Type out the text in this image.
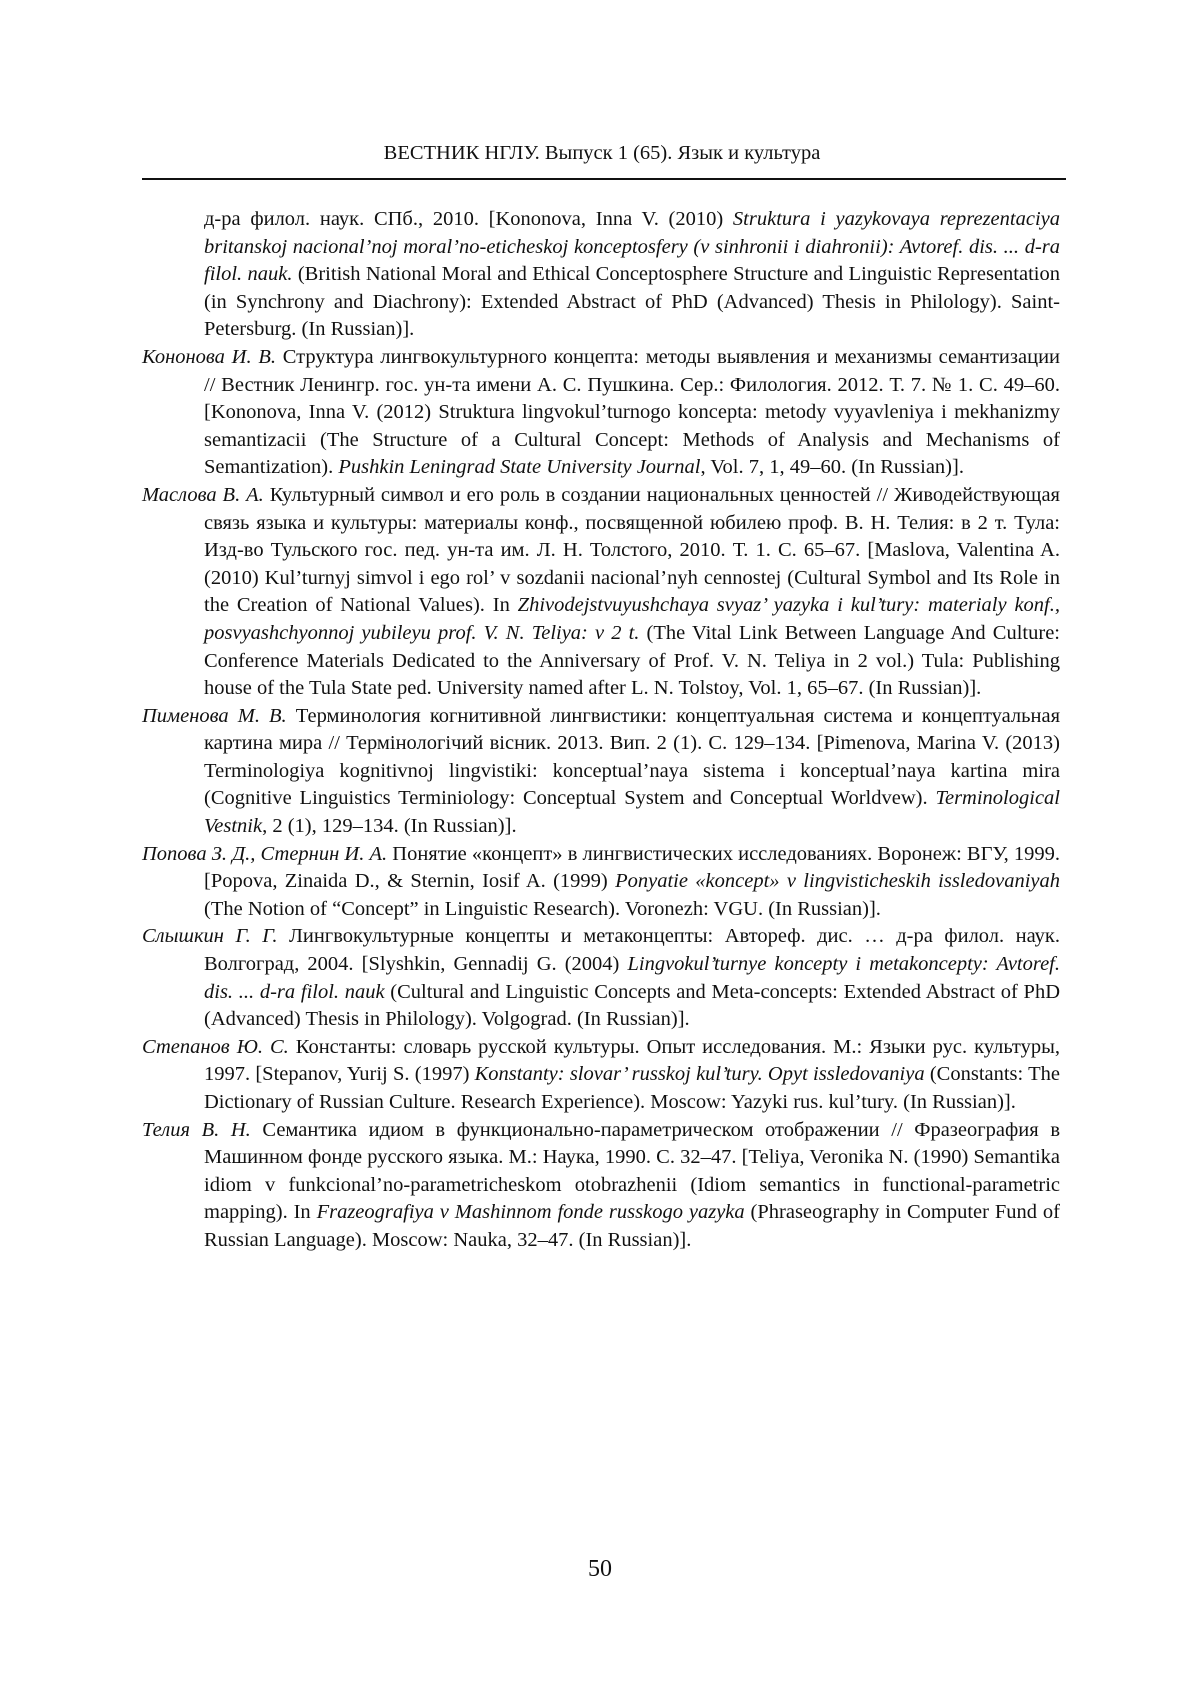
ВЕСТНИК НГЛУ. Выпуск 1 (65). Язык и культура

д-ра филол. наук. СПб., 2010. [Kononova, Inna V. (2010) Struktura i yazykovaya reprezentaciya britanskoj nacional’noj moral’no-eticheskoj konceptosfery (v sinhronii i diahronii): Avtoref. dis. ... d-ra filol. nauk. (British National Moral and Ethical Conceptosphere Structure and Linguistic Representation (in Synchrony and Diachrony): Extended Abstract of PhD (Advanced) Thesis in Philology). Saint-Petersburg. (In Russian)].

Кононова И. В. Структура лингвокультурного концепта: методы выявления и механизмы семантизации // Вестник Ленингр. гос. ун-та имени А. С. Пушкина. Сер.: Филология. 2012. Т. 7. № 1. С. 49–60. [Kononova, Inna V. (2012) Struktura lingvokul’turnogo koncepta: metody vyyavleniya i mekhanizmy semantizacii (The Structure of a Cultural Concept: Methods of Analysis and Mechanisms of Semantization). Pushkin Leningrad State University Journal, Vol. 7, 1, 49–60. (In Russian)].

Маслова В. А. Культурный символ и его роль в создании национальных ценностей // Живодействующая связь языка и культуры: материалы конф., посвященной юбилею проф. В. Н. Телия: в 2 т. Тула: Изд-во Тульского гос. пед. ун-та им. Л. Н. Толстого, 2010. Т. 1. С. 65–67. [Maslova, Valentina A. (2010) Kul’turnyj simvol i ego rol’ v sozdanii nacional’nyh cennostej (Cultural Symbol and Its Role in the Creation of National Values). In Zhivodejstvuyushchaya svyaz’ yazyka i kul’tury: materialy konf., posvyashchyonnoj yubileyu prof. V. N. Teliya: v 2 t. (The Vital Link Between Language And Culture: Conference Materials Dedicated to the Anniversary of Prof. V. N. Teliya in 2 vol.) Tula: Publishing house of the Tula State ped. University named after L. N. Tolstoy, Vol. 1, 65–67. (In Russian)].

Пименова М. В. Терминология когнитивной лингвистики: концептуальная система и концептуальная картина мира // Термінологічий вісник. 2013. Вип. 2 (1). С. 129–134. [Pimenova, Marina V. (2013) Terminologiya kognitivnoj lingvistiki: konceptual’naya sistema i konceptual’naya kartina mira (Cognitive Linguistics Terminiology: Conceptual System and Conceptual Worldvew). Terminological Vestnik, 2 (1), 129–134. (In Russian)].

Попова З. Д., Стернин И. А. Понятие «концепт» в лингвистических исследованиях. Воронеж: ВГУ, 1999. [Popova, Zinaida D., & Sternin, Iosif A. (1999) Ponyatie «koncept» v lingvisticheskih issledovaniyah (The Notion of “Concept” in Linguistic Research). Voronezh: VGU. (In Russian)].

Слышкин Г. Г. Лингвокультурные концепты и метаконцепты: Автореф. дис. … д-ра филол. наук. Волгоград, 2004. [Slyshkin, Gennadij G. (2004) Lingvokul’turnye koncepty i metakoncepty: Avtoref. dis. ... d-ra filol. nauk (Cultural and Linguistic Concepts and Meta-concepts: Extended Abstract of PhD (Advanced) Thesis in Philology). Volgograd. (In Russian)].

Степанов Ю. С. Константы: словарь русской культуры. Опыт исследования. М.: Языки рус. культуры, 1997. [Stepanov, Yurij S. (1997) Konstanty: slovar’ russkoj kul’tury. Opyt issledovaniya (Constants: The Dictionary of Russian Culture. Research Experience). Moscow: Yazyki rus. kul’tury. (In Russian)].

Телия В. Н. Семантика идиом в функционально-параметрическом отображении // Фразеография в Машинном фонде русского языка. М.: Наука, 1990. С. 32–47. [Teliya, Veronika N. (1990) Semantika idiom v funkcional’no-parametricheskom otobrazhenii (Idiom semantics in functional-parametric mapping). In Frazeografiya v Mashinnom fonde russkogo yazyka (Phraseography in Computer Fund of Russian Language). Moscow: Nauka, 32–47. (In Russian)].

50
